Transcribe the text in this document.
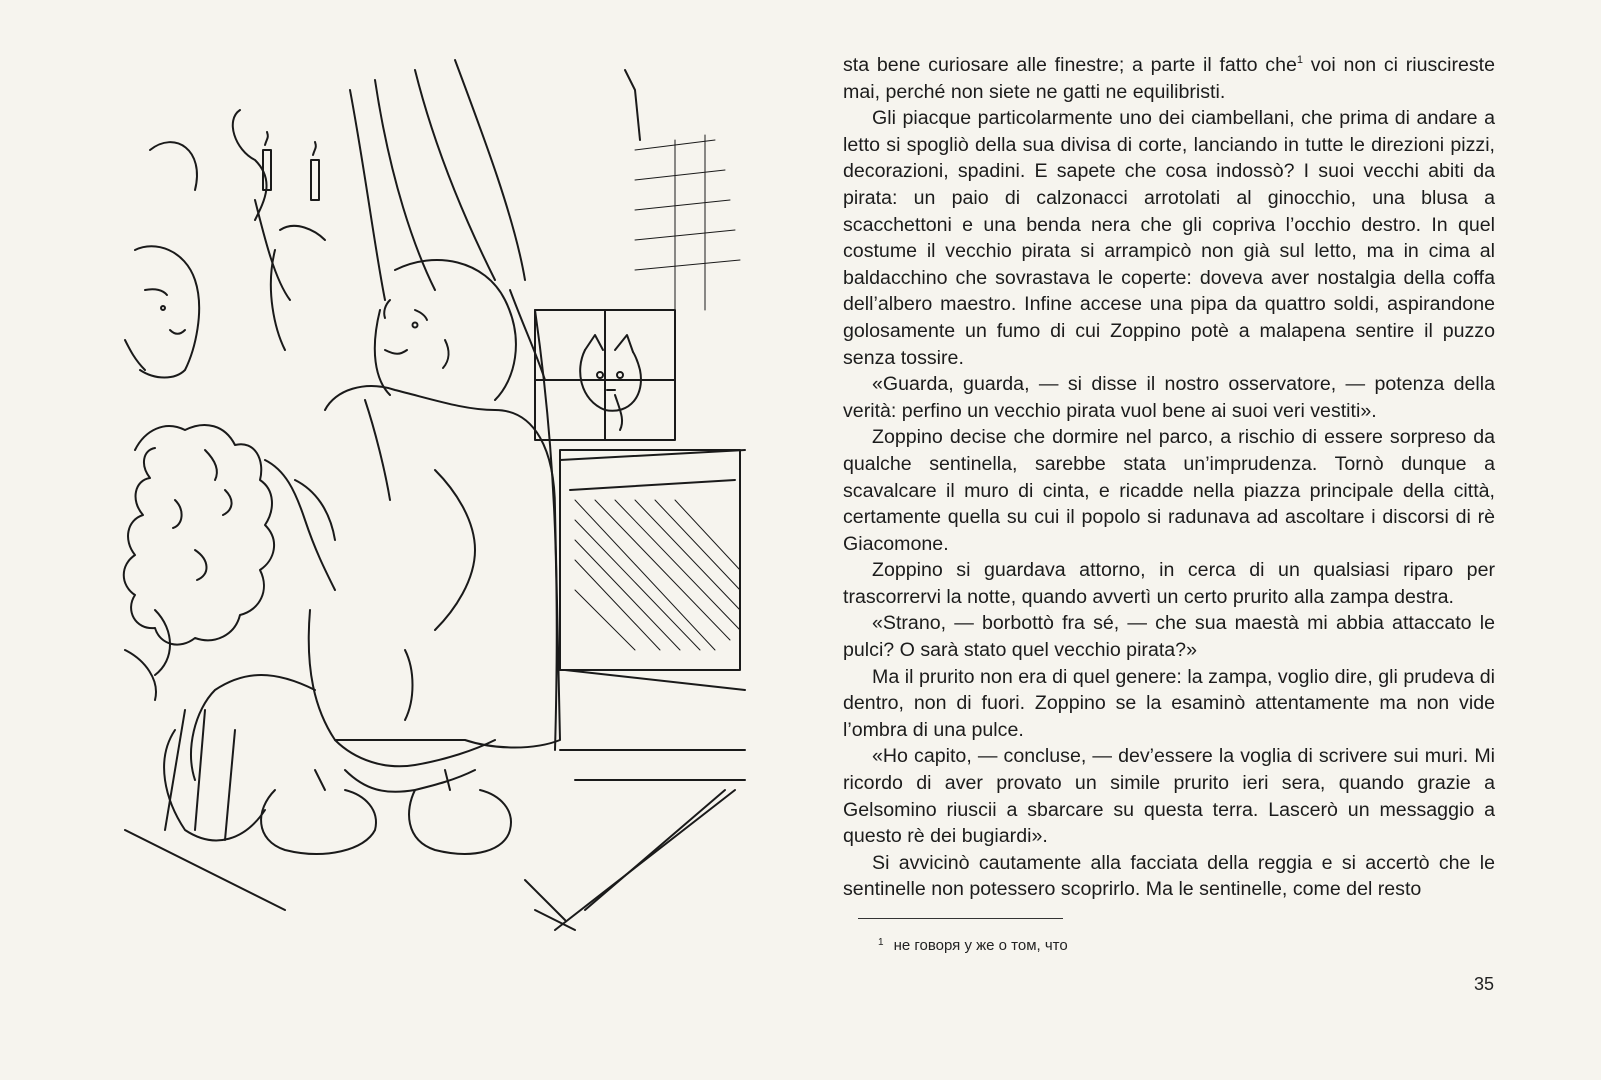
sta bene curiosare alle finestre; a parte il fatto che$^1$ voi non ci riuscireste mai, perché non siete ne gatti ne equilibristi.

Gli piacque particolarmente uno dei ciambellani, che prima di andare a letto si spogliò della sua divisa di corte, lanciando in tutte le direzioni pizzi, decorazioni, spadini. E sapete che cosa indossò? I suoi vecchi abiti da pirata: un paio di calzonacci arrotolati al ginocchio, una blusa a scacchettoni e una benda nera che gli copriva l’occhio destro. In quel costume il vecchio pirata si arrampicò non già sul letto, ma in cima al baldacchino che sovrastava le coperte: doveva aver nostalgia della coffa dell’albero maestro. Infine accese una pipa da quattro soldi, aspirandone golosamente un fumo di cui Zoppino potè a malapena sentire il puzzo senza tossire.

«Guarda, guarda, — si disse il nostro osservatore, — potenza della verità: perfino un vecchio pirata vuol bene ai suoi veri vestiti».

Zoppino decise che dormire nel parco, a rischio di essere sorpreso da qualche sentinella, sarebbe stata un’imprudenza. Tornò dunque a scavalcare il muro di cinta, e ricadde nella piazza principale della città, certamente quella su cui il popolo si radunava ad ascoltare i discorsi di rè Giacomone.

Zoppino si guardava attorno, in cerca di un qualsiasi riparo per trascorrervi la notte, quando avvertì un certo prurito alla zampa destra.

«Strano, — borbottò fra sé, — che sua maestà mi abbia attaccato le pulci? O sarà stato quel vecchio pirata?»

Ma il prurito non era di quel genere: la zampa, voglio dire, gli prudeva di dentro, non di fuori. Zoppino se la esaminò attentamente ma non vide l’ombra di una pulce.

«Ho capito, — concluse, — dev’essere la voglia di scrivere sui muri. Mi ricordo di aver provato un simile prurito ieri sera, quando grazie a Gelsomino riuscii a sbarcare su questa terra. Lascerò un messaggio a questo rè dei bugiardi».

Si avvicinò cautamente alla facciata della reggia e si accertò che le sentinelle non potessero scoprirlo. Ma le sentinelle, come del resto

$^1$ не говоря у же о том, что
35
